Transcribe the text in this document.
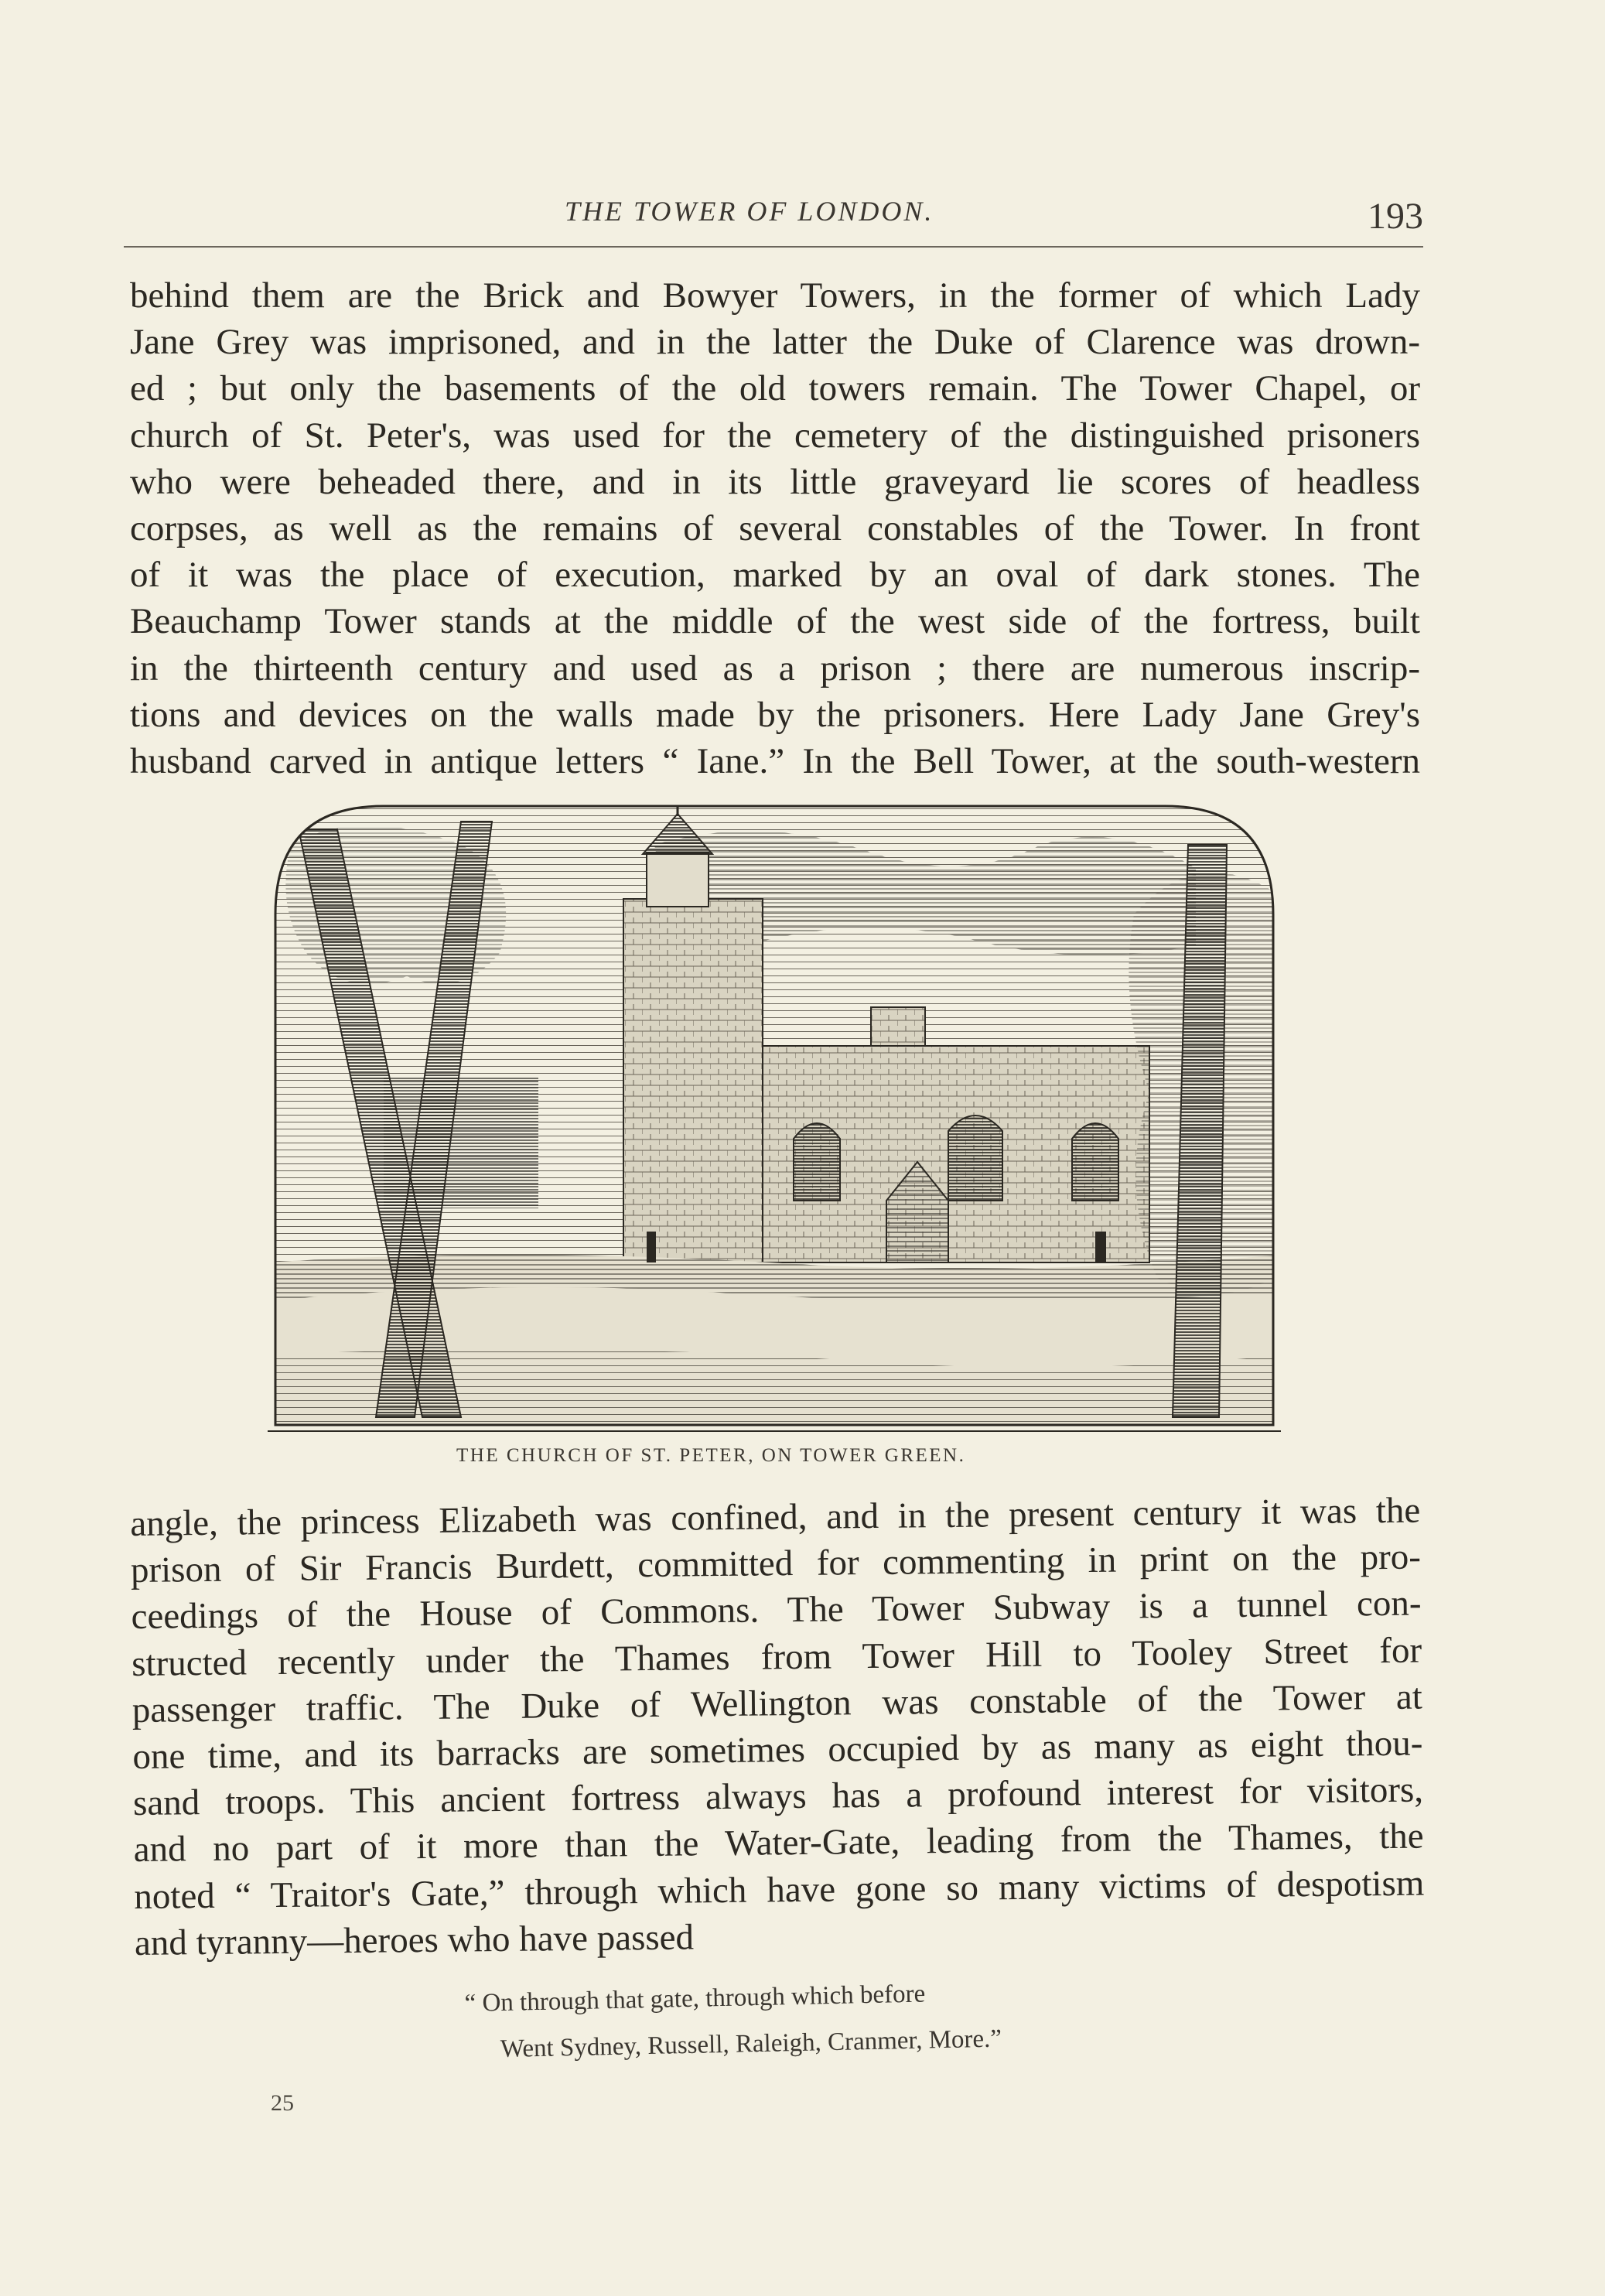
THE TOWER OF LONDON.	193
behind them are the Brick and Bowyer Towers, in the former of which Lady
Jane Grey was imprisoned, and in the latter the Duke of Clarence was drown-
ed ; but only the basements of the old towers remain. The Tower Chapel, or
church of St. Peter's, was used for the cemetery of the distinguished prisoners
who were beheaded there, and in its little graveyard lie scores of headless
corpses, as well as the remains of several constables of the Tower. In front
of it was the place of execution, marked by an oval of dark stones. The
Beauchamp Tower stands at the middle of the west side of the fortress, built
in the thirteenth century and used as a prison ; there are numerous inscrip-
tions and devices on the walls made by the prisoners. Here Lady Jane Grey's
husband carved in antique letters “ Iane.” In the Bell Tower, at the south-western
THE CHURCH OF ST. PETER, ON TOWER GREEN.
angle, the princess Elizabeth was confined, and in the present century it was the
prison of Sir Francis Burdett, committed for commenting in print on the pro-
ceedings of the House of Commons. The Tower Subway is a tunnel con-
structed recently under the Thames from Tower Hill to Tooley Street for
passenger traffic. The Duke of Wellington was constable of the Tower at
one time, and its barracks are sometimes occupied by as many as eight thou-
sand troops. This ancient fortress always has a profound interest for visitors,
and no part of it more than the Water-Gate, leading from the Thames, the
noted “ Traitor's Gate,” through which have gone so many victims of despotism
and tyranny—heroes who have passed
“ On through that gate, through which before
Went Sydney, Russell, Raleigh, Cranmer, More.”
25
